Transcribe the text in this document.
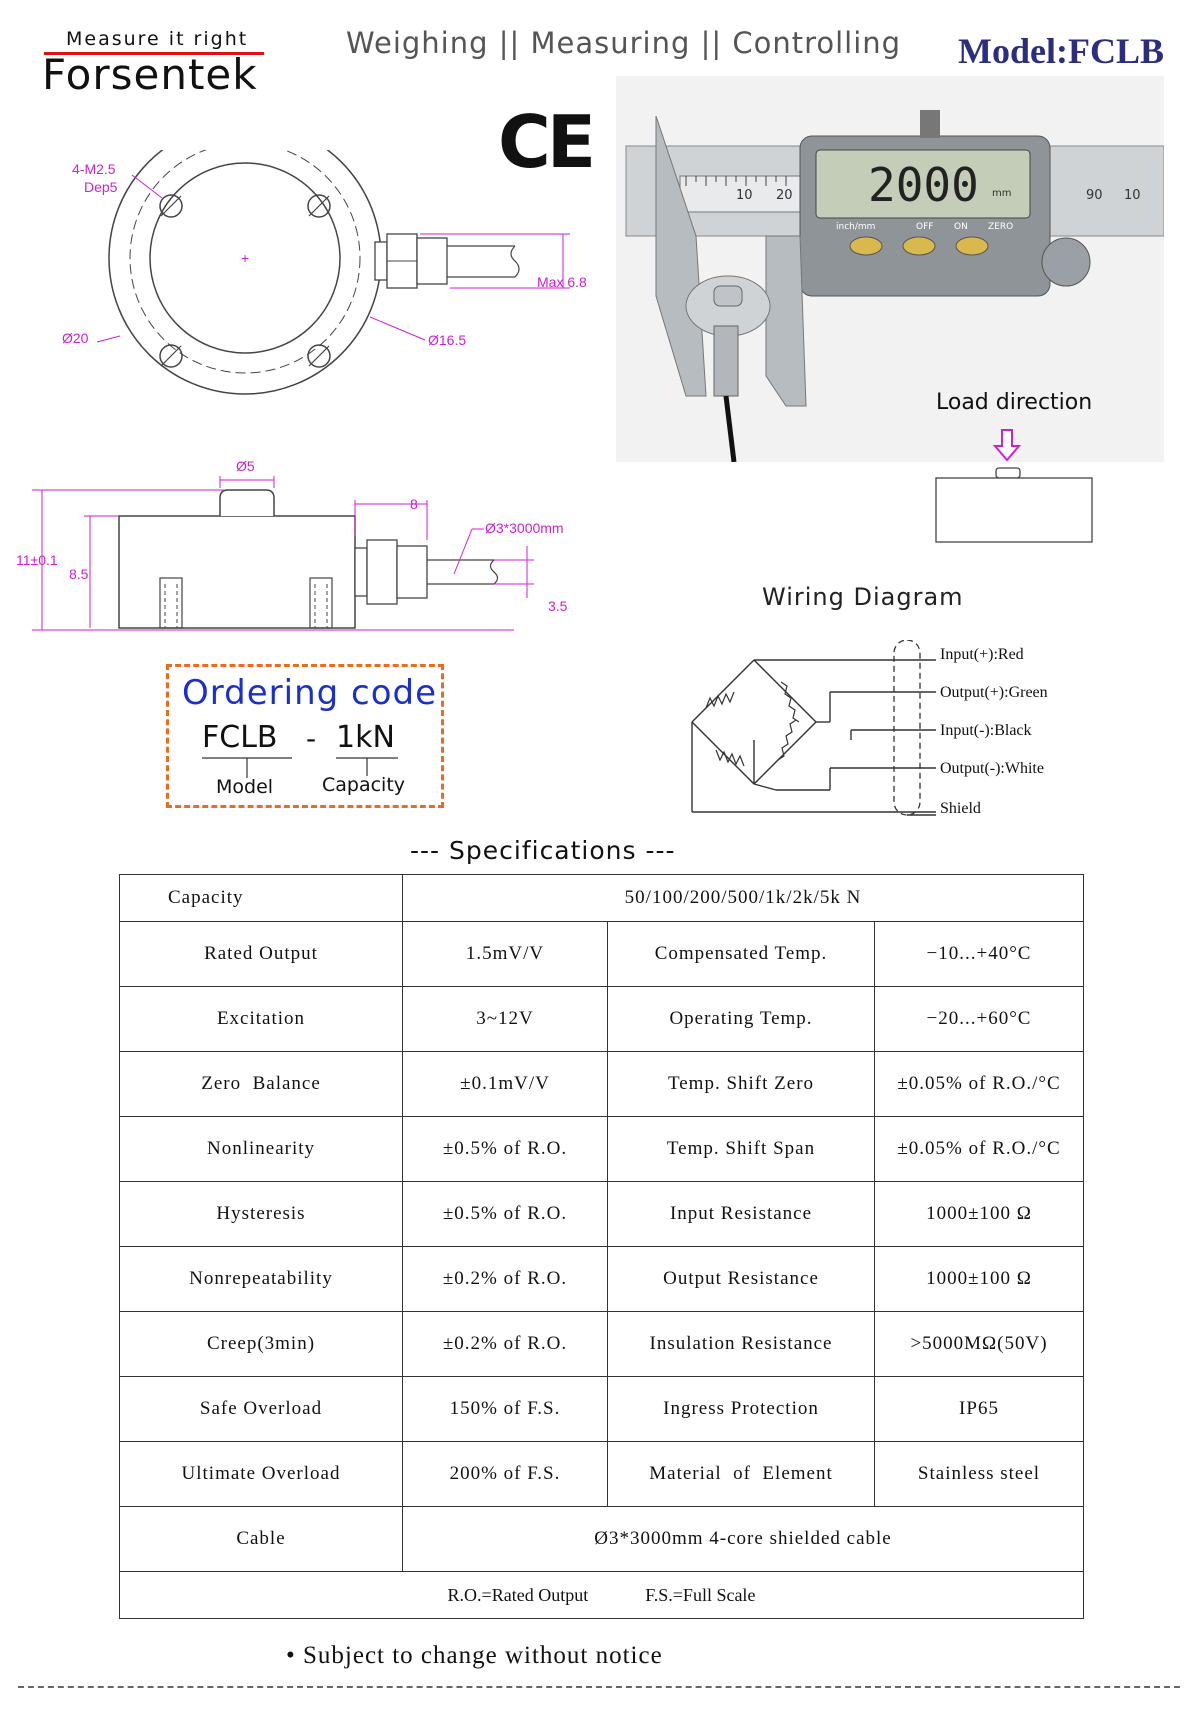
Measure it right
Forsentek
Weighing || Measuring || Controlling Model:FCLB
CE
+
4-M2.5
Dep5
Ø20	Ø16.5
Max 6.8
Ø5
8
Ø3*3000mm
11±0.1
8.5
3.5
2000 mm
inch/mm	OFF ON ZERO
10 20	90 10
Load direction
Wiring Diagram
Input(+):Red
Output(+):Green
Input(-):Black
Output(-):White
Shield
Ordering code
FCLB - 1kN
Model	Capacity
--- Specifications ---
Capacity	50/100/200/500/1k/2k/5k N		
Rated Output	1.5mV/V	Compensated Temp.	−10...+40°C
Excitation	3~12V	Operating Temp.	−20...+60°C
Zero  Balance	±0.1mV/V	Temp. Shift Zero	±0.05% of R.O./°C
Nonlinearity	±0.5% of R.O.	Temp. Shift Span	±0.05% of R.O./°C
Hysteresis	±0.5% of R.O.	Input Resistance	1000±100 Ω
Nonrepeatability	±0.2% of R.O.	Output Resistance	1000±100 Ω
Creep(3min)	±0.2% of R.O.	Insulation Resistance	>5000MΩ(50V)
Safe Overload	150% of F.S.	Ingress Protection	IP65
Ultimate Overload	200% of F.S.	Material  of  Element	Stainless steel
Cable	Ø3*3000mm 4-core shielded cable		
R.O.=Rated Output F.S.=Full Scale			
• Subject to change without notice
